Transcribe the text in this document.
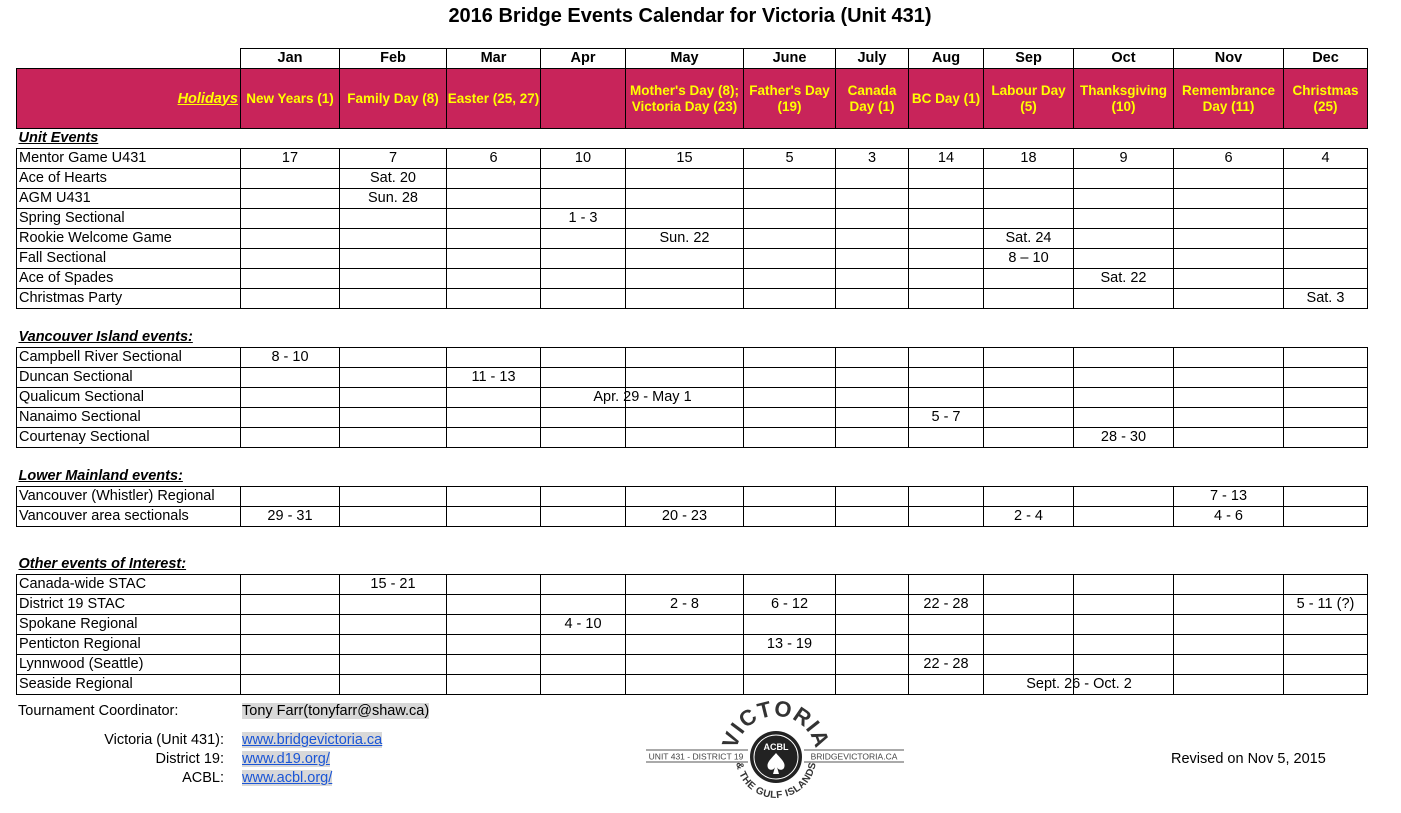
2016 Bridge Events Calendar for Victoria (Unit 431)
	Jan	Feb	Mar	Apr	May	June	July	Aug	Sep	Oct	Nov	Dec
Holidays	New Years (1)	Family Day (8)	Easter (25, 27)		Mother's Day (8); Victoria Day (23)	Father's Day (19)	Canada Day (1)	BC Day (1)	Labour Day (5)	Thanksgiving (10)	Remembrance Day (11)	Christmas (25)
Unit Events												
Mentor Game U431	17	7	6	10	15	5	3	14	18	9	6	4
Ace of Hearts		Sat. 20										
AGM U431		Sun. 28										
Spring Sectional				1 - 3								
Rookie Welcome Game					Sun. 22				Sat. 24			
Fall Sectional									8 – 10			
Ace of Spades										Sat. 22		
Christmas Party												Sat. 3

Vancouver Island events:												
Campbell River Sectional	8 - 10											
Duncan Sectional			11 - 13									
Qualicum Sectional				Apr. 29 - May 1								

Nanaimo Sectional								5 - 7				
Courtenay Sectional										28 - 30		

Lower Mainland events:												
Vancouver (Whistler) Regional											7 - 13	
Vancouver area sectionals	29 - 31				20 - 23				2 - 4		4 - 6	

Other events of Interest:												
Canada-wide STAC		15 - 21										
District 19 STAC					2 - 8	6 - 12		22 - 28				5 - 11 (?)
Spokane Regional				4 - 10								
Penticton Regional						13 - 19						
Lynnwood (Seattle)								22 - 28				
Seaside Regional									Sept. 26 - Oct. 2			

Tournament Coordinator:	Tony Farr(tonyfarr@shaw.ca)
Victoria (Unit 431): www.bridgevictoria.ca
District 19: www.d19.org/
ACBL: www.acbl.org/
Revised on Nov 5, 2015
UNIT 431 - DISTRICT 19	BRIDGEVICTORIA.CA
VICTORIA
ACBL
& THE GULF ISLANDS
